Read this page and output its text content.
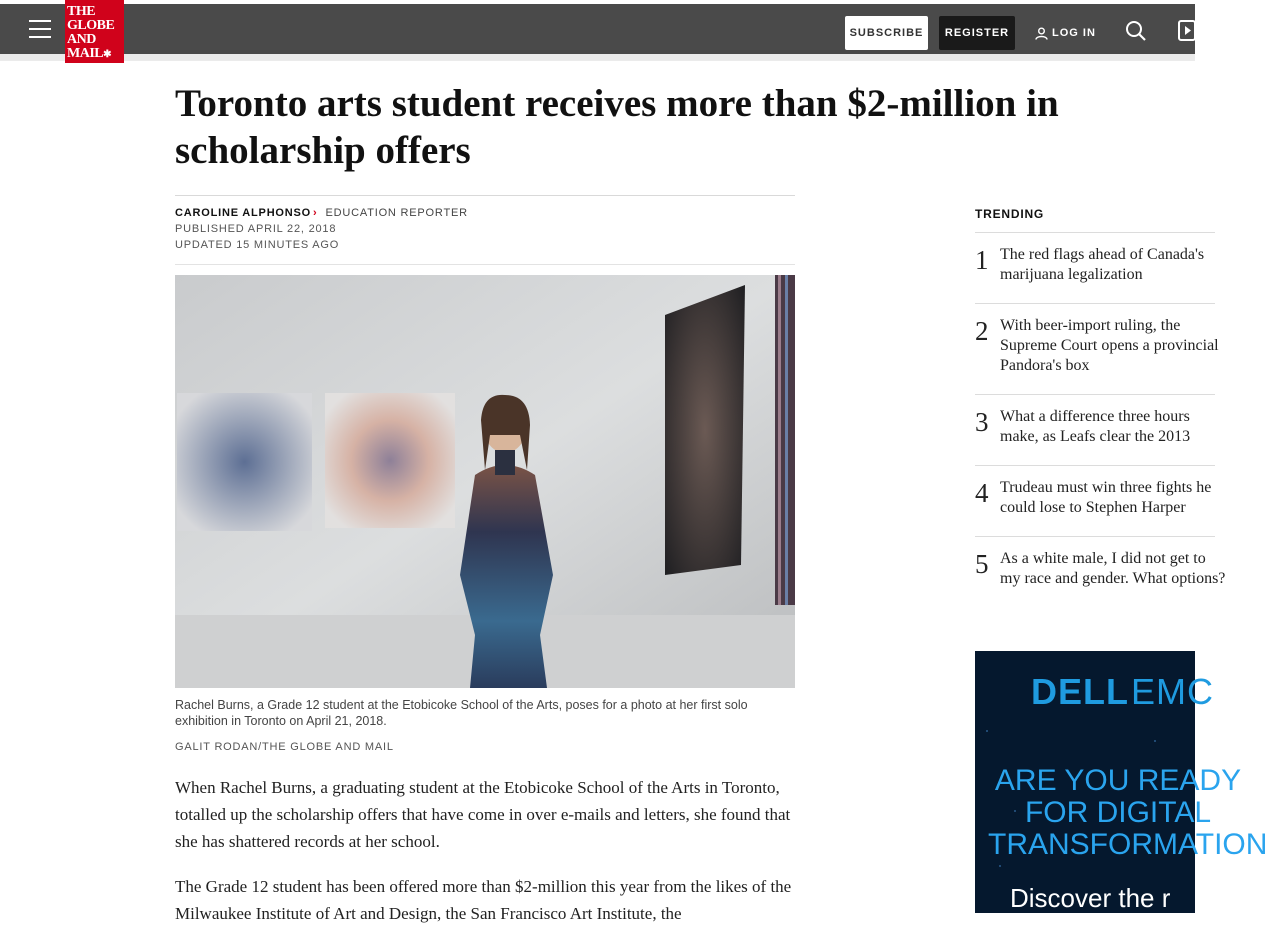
SUBSCRIBE	REGISTER	LOG IN
THE
GLOBE
AND
MAIL✱
Toronto arts student receives more than $2-million in scholarship offers
CAROLINE ALPHONSO › EDUCATION REPORTER
PUBLISHED APRIL 22, 2018
UPDATED 15 MINUTES AGO
Rachel Burns, a Grade 12 student at the Etobicoke School of the Arts, poses for a photo at her first solo exhibition in Toronto on April 21, 2018.
GALIT RODAN/THE GLOBE AND MAIL

When Rachel Burns, a graduating student at the Etobicoke School of the Arts in Toronto, totalled up the scholarship offers that have come in over e-mails and letters, she found that she has shattered records at her school.

The Grade 12 student has been offered more than $2-million this year from the likes of the Milwaukee Institute of Art and Design, the San Francisco Art Institute, the

TRENDING
1 The red flags ahead of Canada's marijuana legalization
2 With beer-import ruling, the Supreme Court opens a provincial Pandora's box
3 What a difference three hours make, as Leafs clear the 2013
4 Trudeau must win three fights he could lose to Stephen Harper
5 As a white male, I did not get to my race and gender. What options?
DELLEMC
ARE YOU READY FOR DIGITAL TRANSFORMATION
Discover the r
